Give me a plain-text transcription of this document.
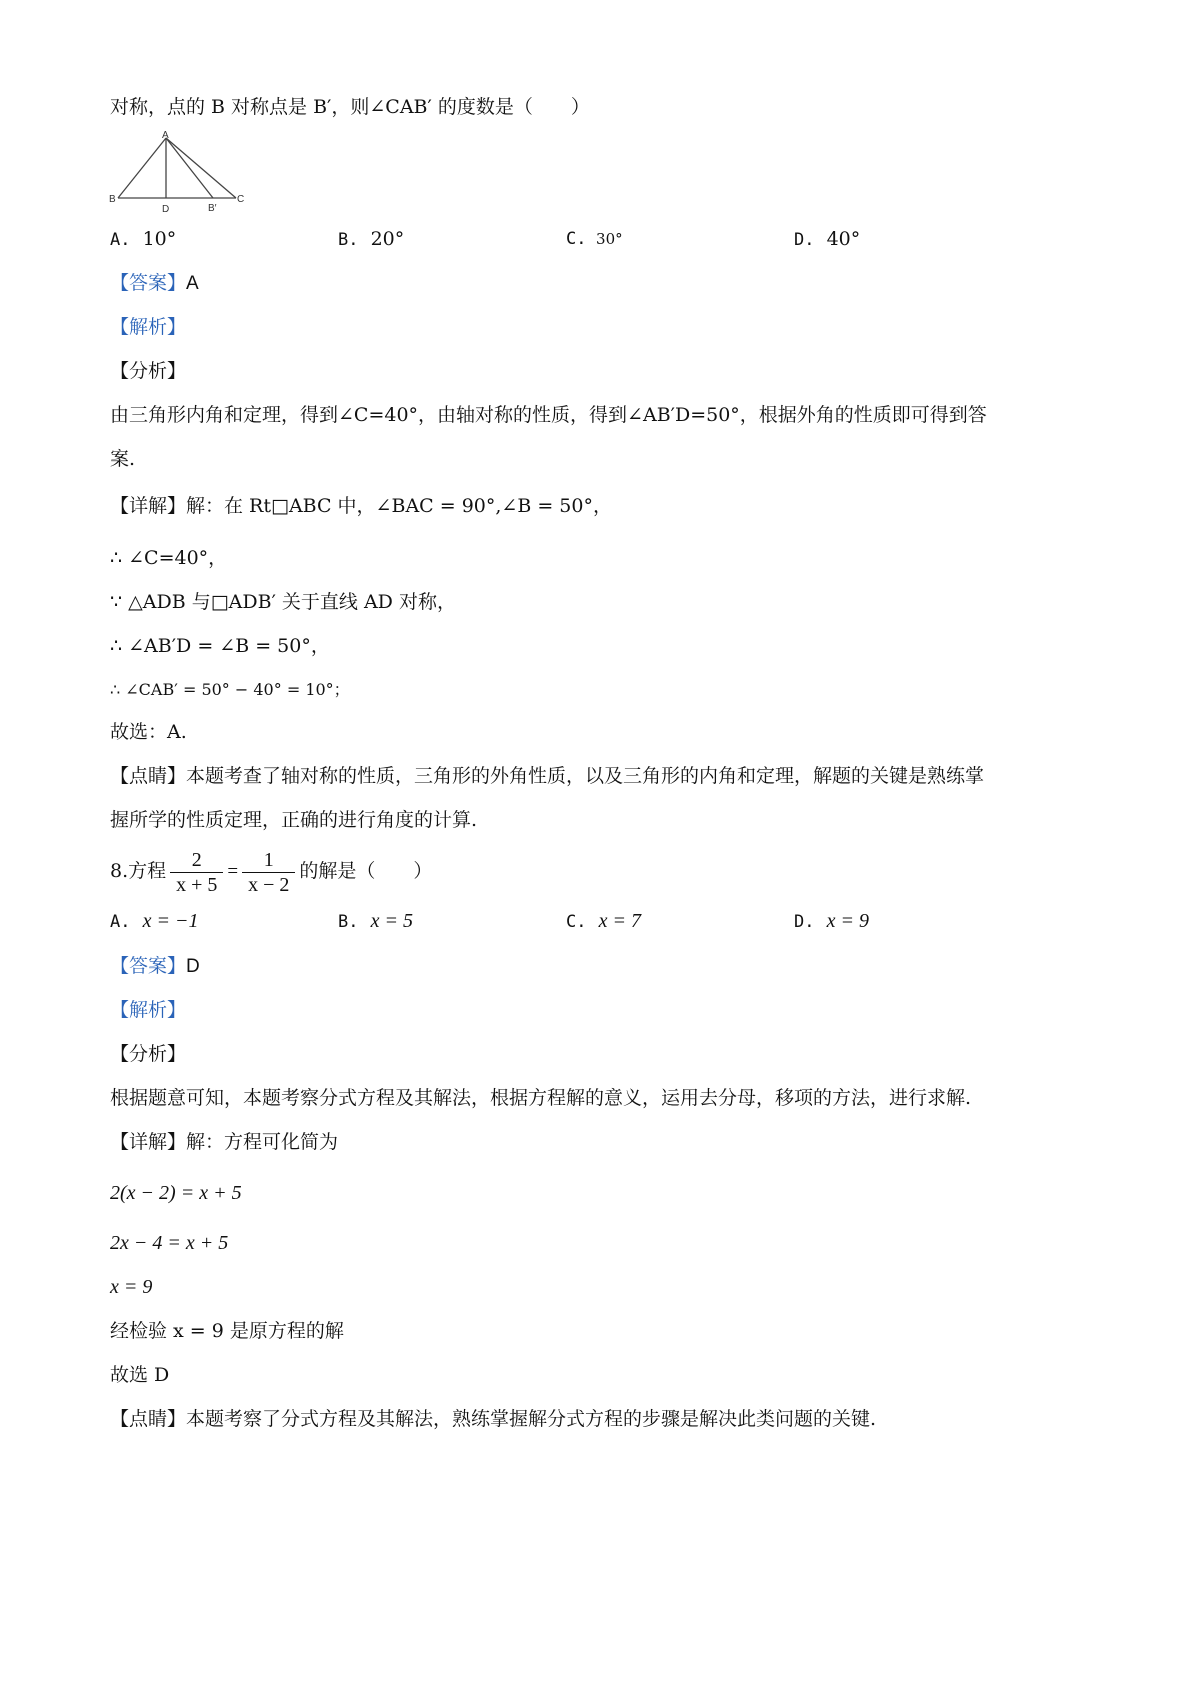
对称，点的 B 对称点是 B′，则∠CAB′ 的度数是（　　）
A
B
D	B′
C
A. 10°	B. 20°	C. 30°	D. 40°
【答案】A
【解析】
【分析】
由三角形内角和定理，得到∠C=40°，由轴对称的性质，得到∠AB′D=50°，根据外角的性质即可得到答
案.
【详解】解：在 Rt□ABC 中，∠BAC = 90°,∠B = 50°，
∴ ∠C=40°，
∵ △ADB 与□ADB′ 关于直线 AD 对称，
∴ ∠AB′D = ∠B = 50°，
∴ ∠CAB′ = 50° − 40° = 10°；
故选：A.
【点睛】本题考查了轴对称的性质，三角形的外角性质，以及三角形的内角和定理，解题的关键是熟练掌
握所学的性质定理，正确的进行角度的计算.
8.方程 $\frac{2}{x + 5} = \frac{1}{x - 2}$ 的解是（　　）
A. x = −1	B. x = 5	C. x = 7	D. x = 9
【答案】D
【解析】
【分析】
根据题意可知，本题考察分式方程及其解法，根据方程解的意义，运用去分母，移项的方法，进行求解.
【详解】解：方程可化简为
2(x − 2) = x + 5
2x − 4 = x + 5
x = 9
经检验 x = 9 是原方程的解
故选 D
【点睛】本题考察了分式方程及其解法，熟练掌握解分式方程的步骤是解决此类问题的关键.
